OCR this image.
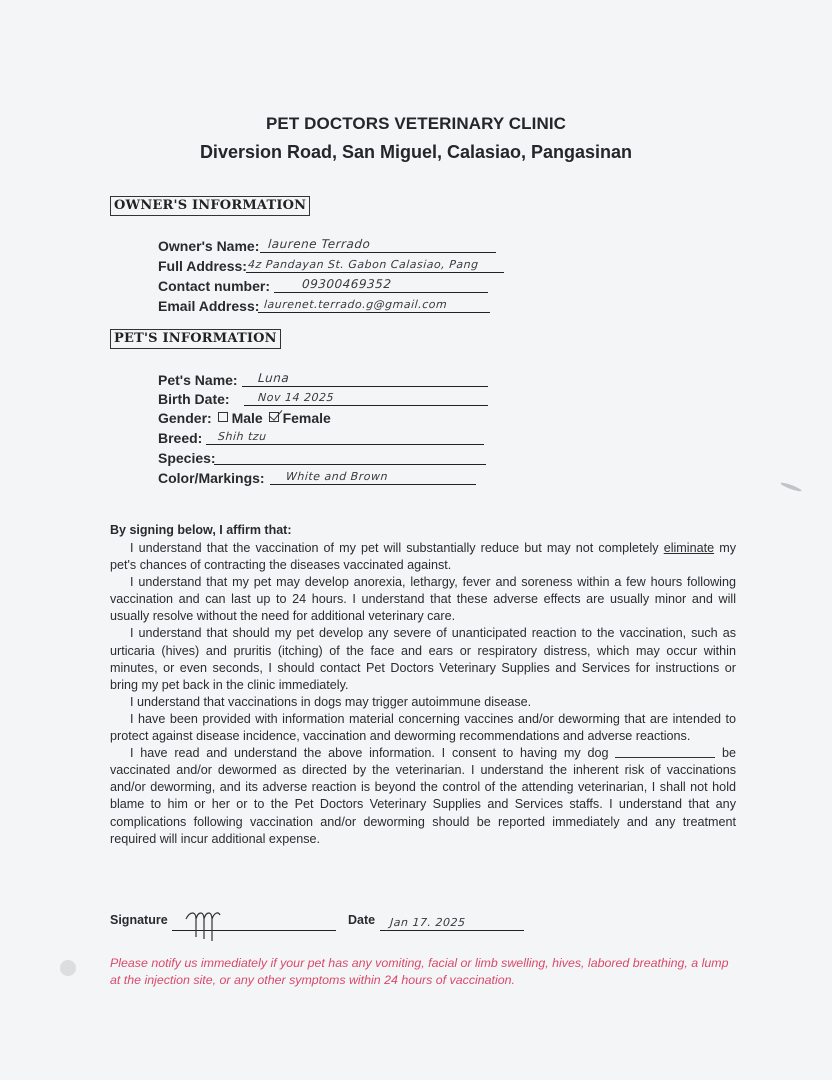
PET DOCTORS VETERINARY CLINIC
Diversion Road, San Miguel, Calasiao, Pangasinan
OWNER'S INFORMATION
Owner's Name: laurene Terrado
Full Address: 4z Pandayan St. Gabon Calasiao, Pang
Contact number:	09300469352
Email Address: laurenet.terrado.g@gmail.com
PET'S INFORMATION
Pet's Name: Luna
Birth Date:	Nov 14 2025
Gender: Male Female
Breed: Shih tzu
Species:
Color/Markings: White and Brown
By signing below, I affirm that:

I understand that the vaccination of my pet will substantially reduce but may not completely eliminate my pet's chances of contracting the diseases vaccinated against.

I understand that my pet may develop anorexia, lethargy, fever and soreness within a few hours following vaccination and can last up to 24 hours. I understand that these adverse effects are usually minor and will usually resolve without the need for additional veterinary care.

I understand that should my pet develop any severe of unanticipated reaction to the vaccination, such as urticaria (hives) and pruritis (itching) of the face and ears or respiratory distress, which may occur within minutes, or even seconds, I should contact Pet Doctors Veterinary Supplies and Services for instructions or bring my pet back in the clinic immediately.

I understand that vaccinations in dogs may trigger autoimmune disease.

I have been provided with information material concerning vaccines and/or deworming that are intended to protect against disease incidence, vaccination and deworming recommendations and adverse reactions.

I have read and understand the above information. I consent to having my dog	be vaccinated and/or dewormed as directed by the veterinarian. I understand the inherent risk of vaccinations and/or deworming, and its adverse reaction is beyond the control of the attending veterinarian, I shall not hold blame to him or her or to the Pet Doctors Veterinary Supplies and Services staffs. I understand that any complications following vaccination and/or deworming should be reported immediately and any treatment required will incur additional expense.

Signature	Date Jan 17. 2025
Please notify us immediately if your pet has any vomiting, facial or limb swelling, hives, labored breathing, a lump at the injection site, or any other symptoms within 24 hours of vaccination.
